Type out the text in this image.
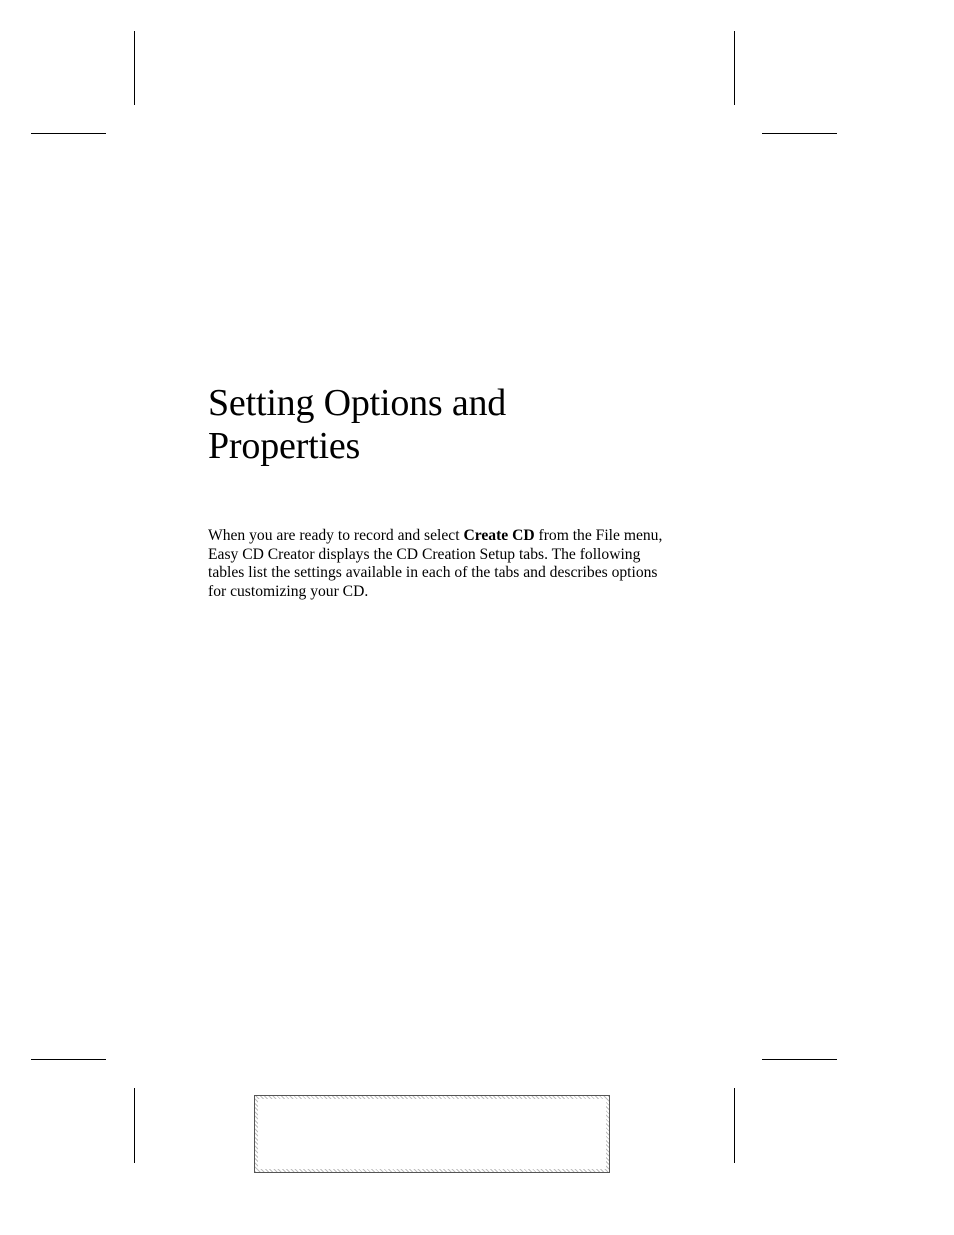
Setting Options and
Properties

When you are ready to record and select Create CD from the File menu, Easy CD Creator displays the CD Creation Setup tabs. The following tables list the settings available in each of the tabs and describes options for customizing your CD.
